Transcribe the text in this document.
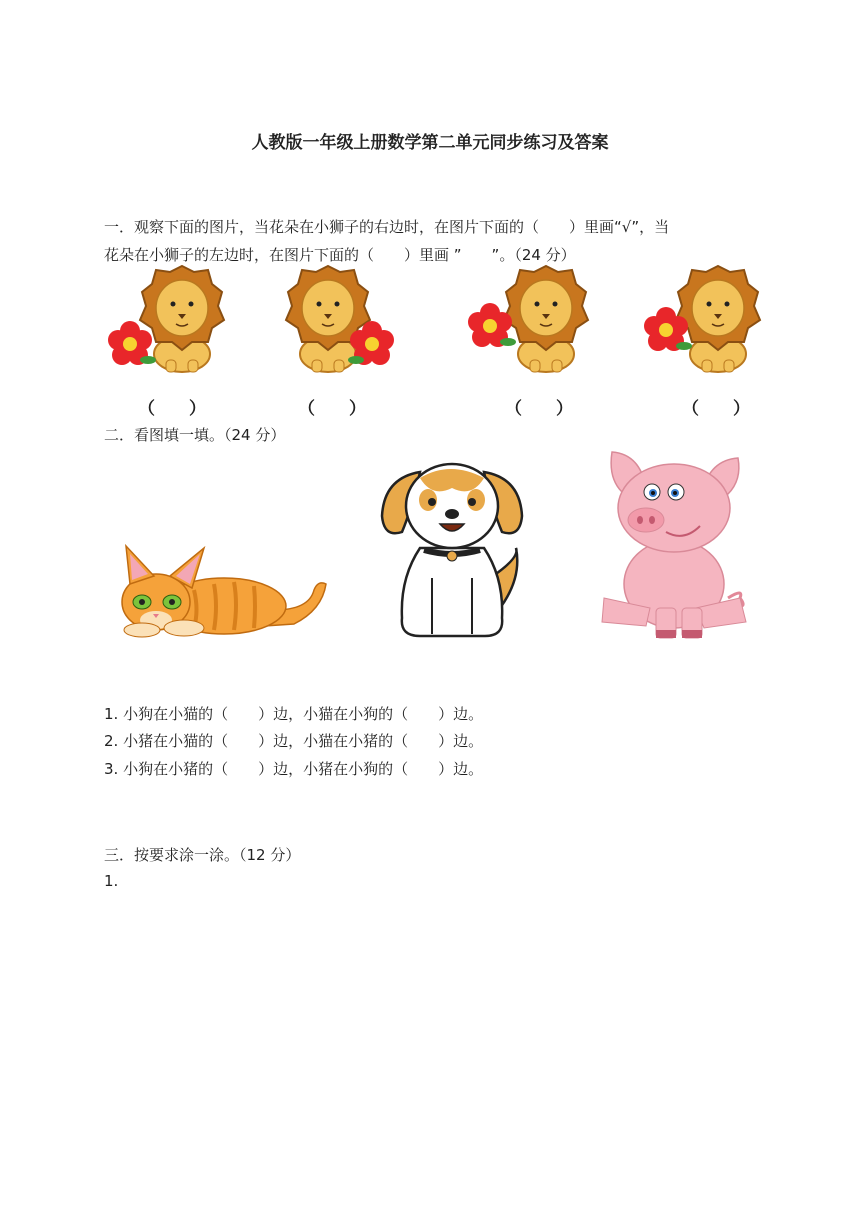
人教版一年级上册数学第二单元同步练习及答案
一．观察下面的图片，当花朵在小狮子的右边时，在图片下面的（　　）里画“√”，当
花朵在小狮子的左边时，在图片下面的（　　）里画 ”　　”。（24 分）
（　　）	（　　）	（　　）	（　　）
二．看图填一填。（24 分）
1. 小狗在小猫的（　　）边，小猫在小狗的（　　）边。
2. 小猪在小猫的（　　）边，小猫在小猪的（　　）边。
3. 小狗在小猪的（　　）边，小猪在小狗的（　　）边。
三．按要求涂一涂。（12 分）
1.
